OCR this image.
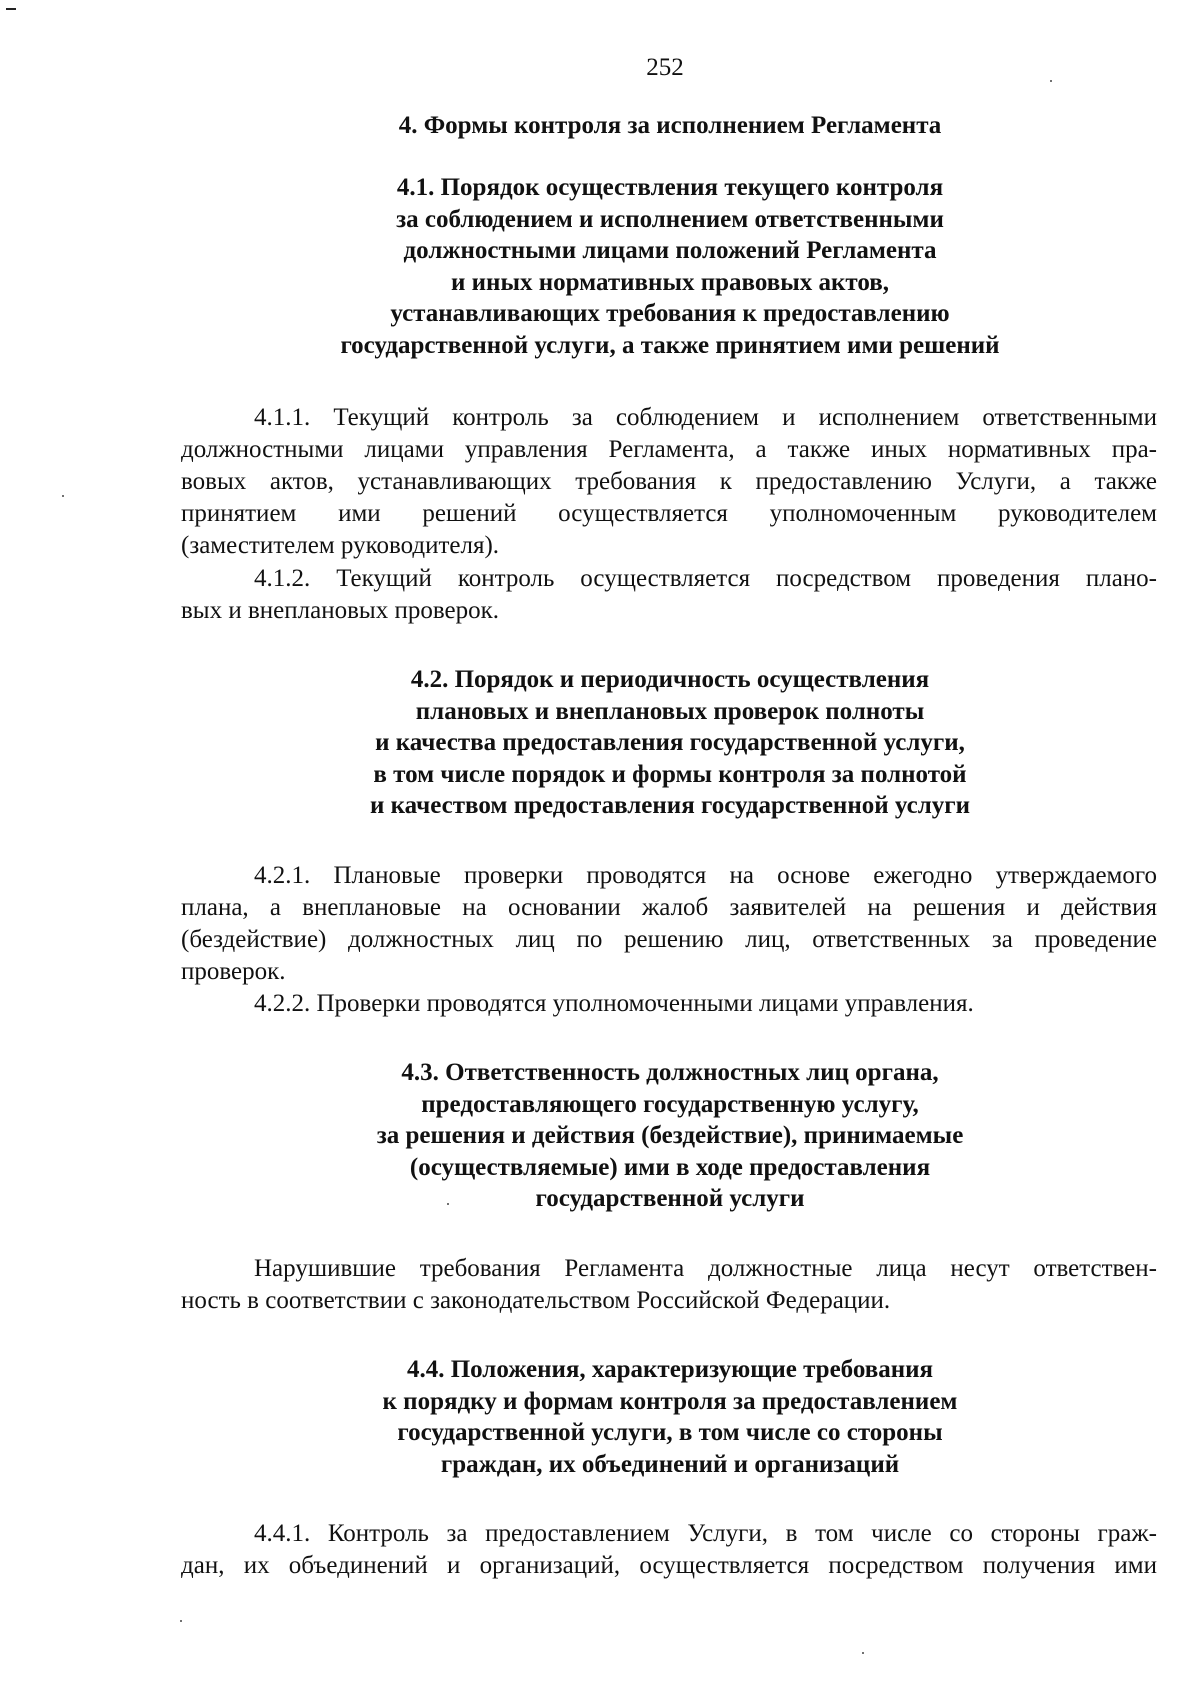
252
4. Формы контроля за исполнением Регламента
4.1. Порядок осуществления текущего контроля
за соблюдением и исполнением ответственными
должностными лицами положений Регламента
и иных нормативных правовых актов,
устанавливающих требования к предоставлению
государственной услуги, а также принятием ими решений
4.1.1. Текущий контроль за соблюдением и исполнением ответственными
должностными лицами управления Регламента, а также иных нормативных пра-
вовых актов, устанавливающих требования к предоставлению Услуги, а также
принятием ими решений осуществляется уполномоченным руководителем
(заместителем руководителя).
4.1.2. Текущий контроль осуществляется посредством проведения плано-
вых и внеплановых проверок.
4.2. Порядок и периодичность осуществления
плановых и внеплановых проверок полноты
и качества предоставления государственной услуги,
в том числе порядок и формы контроля за полнотой
и качеством предоставления государственной услуги
4.2.1. Плановые проверки проводятся на основе ежегодно утверждаемого
плана, а внеплановые на основании жалоб заявителей на решения и действия
(бездействие) должностных лиц по решению лиц, ответственных за проведение
проверок.
4.2.2. Проверки проводятся уполномоченными лицами управления.
4.3. Ответственность должностных лиц органа,
предоставляющего государственную услугу,
за решения и действия (бездействие), принимаемые
(осуществляемые) ими в ходе предоставления
государственной услуги
Нарушившие требования Регламента должностные лица несут ответствен-
ность в соответствии с законодательством Российской Федерации.
4.4. Положения, характеризующие требования
к порядку и формам контроля за предоставлением
государственной услуги, в том числе со стороны
граждан, их объединений и организаций
4.4.1. Контроль за предоставлением Услуги, в том числе со стороны граж-
дан, их объединений и организаций, осуществляется посредством получения ими
